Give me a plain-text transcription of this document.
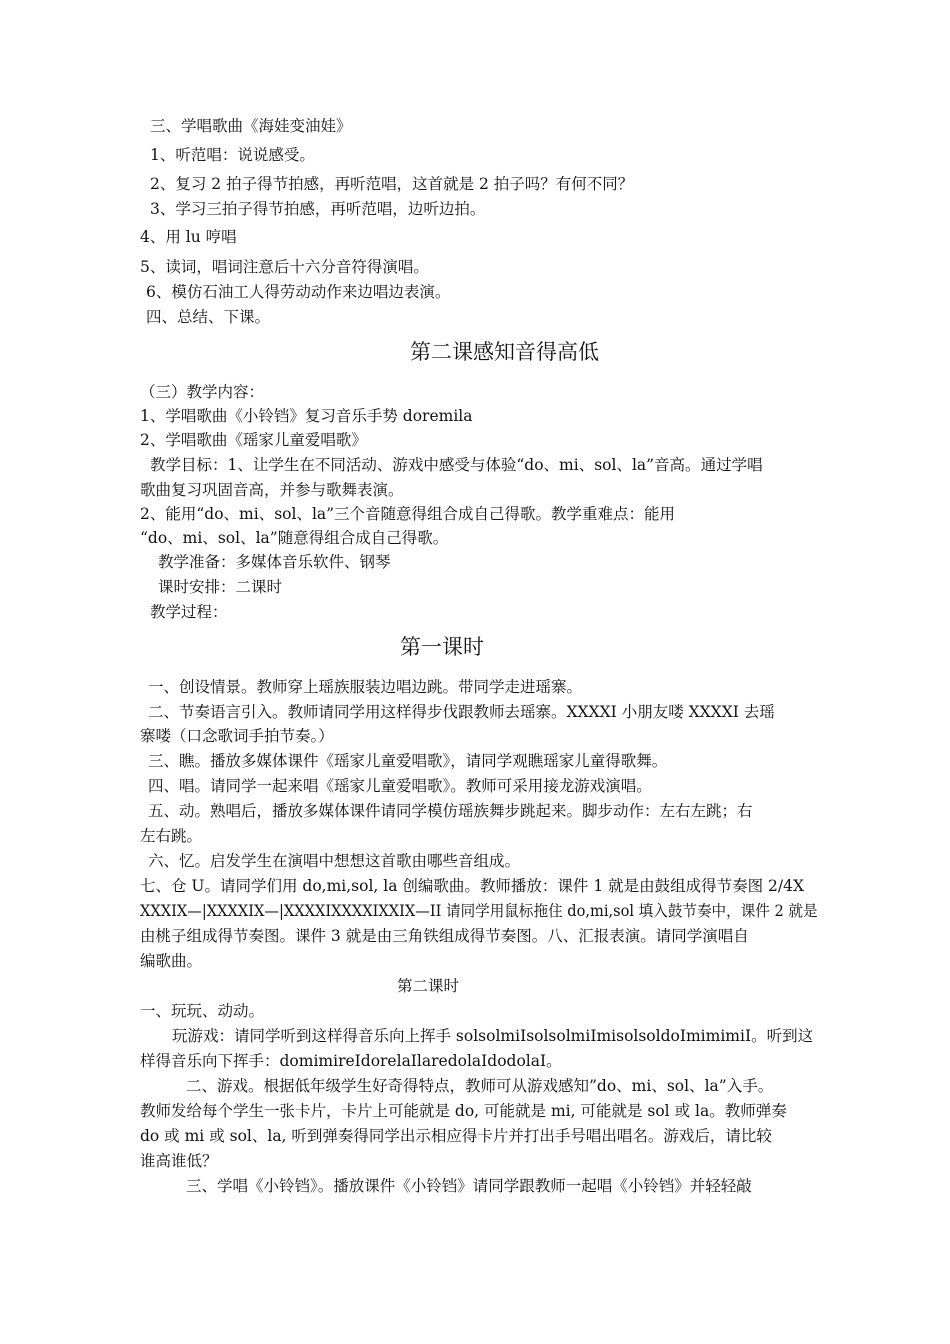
三、学唱歌曲《海娃变油娃》
1、听范唱：说说感受。
2、复习 2 拍子得节拍感，再听范唱，这首就是 2 拍子吗？有何不同？
3、学习三拍子得节拍感，再听范唱，边听边拍。
4、用 lu 哼唱
5、读词，唱词注意后十六分音符得演唱。
6、模仿石油工人得劳动动作来边唱边表演。
四、总结、下课。
第二课感知音得高低
（三）教学内容：
1、学唱歌曲《小铃铛》复习音乐手势 doremila
2、学唱歌曲《瑶家儿童爱唱歌》
教学目标：1、让学生在不同活动、游戏中感受与体验“do、mi、sol、la”音高。通过学唱
歌曲复习巩固音高，并参与歌舞表演。
2、能用“do、mi、sol、la”三个音随意得组合成自己得歌。教学重难点：能用
“do、mi、sol、la”随意得组合成自己得歌。
教学准备：多媒体音乐软件、钢琴
课时安排：二课时
教学过程：
第一课时
一、创设情景。教师穿上瑶族服装边唱边跳。带同学走进瑶寨。
二、节奏语言引入。教师请同学用这样得步伐跟教师去瑶寨。XXXXI 小朋友喽 XXXXI 去瑶
寨喽（口念歌词手拍节奏。）
三、瞧。播放多媒体课件《瑶家儿童爱唱歌》，请同学观瞧瑶家儿童得歌舞。
四、唱。请同学一起来唱《瑶家儿童爱唱歌》。教师可采用接龙游戏演唱。
五、动。熟唱后，播放多媒体课件请同学模仿瑶族舞步跳起来。脚步动作：左右左跳；右
左右跳。
六、忆。启发学生在演唱中想想这首歌由哪些音组成。
七、仓 U。请同学们用 do,mi,sol, la 创编歌曲。教师播放：课件 1 就是由鼓组成得节奏图 2/4X
XXXIX—|XXXXIX—|XXXXIXXXXIXXIX—II 请同学用鼠标拖住 do,mi,sol 填入鼓节奏中，课件 2 就是
由桃子组成得节奏图。课件 3 就是由三角铁组成得节奏图。八、汇报表演。请同学演唱自
编歌曲。
第二课时
一、玩玩、动动。
玩游戏：请同学听到这样得音乐向上挥手 solsolmiIsolsolmiImisolsoldoImimimiI。听到这
样得音乐向下挥手：domimireIdorelaIlaredolaIdodolaI。
二、游戏。根据低年级学生好奇得特点，教师可从游戏感知”do、mi、sol、la”入手。
教师发给每个学生一张卡片，卡片上可能就是 do, 可能就是 mi, 可能就是 sol 或 la。教师弹奏
do 或 mi 或 sol、la, 听到弹奏得同学出示相应得卡片并打出手号唱出唱名。游戏后，请比较
谁高谁低？
三、学唱《小铃铛》。播放课件《小铃铛》请同学跟教师一起唱《小铃铛》并轻轻敲
